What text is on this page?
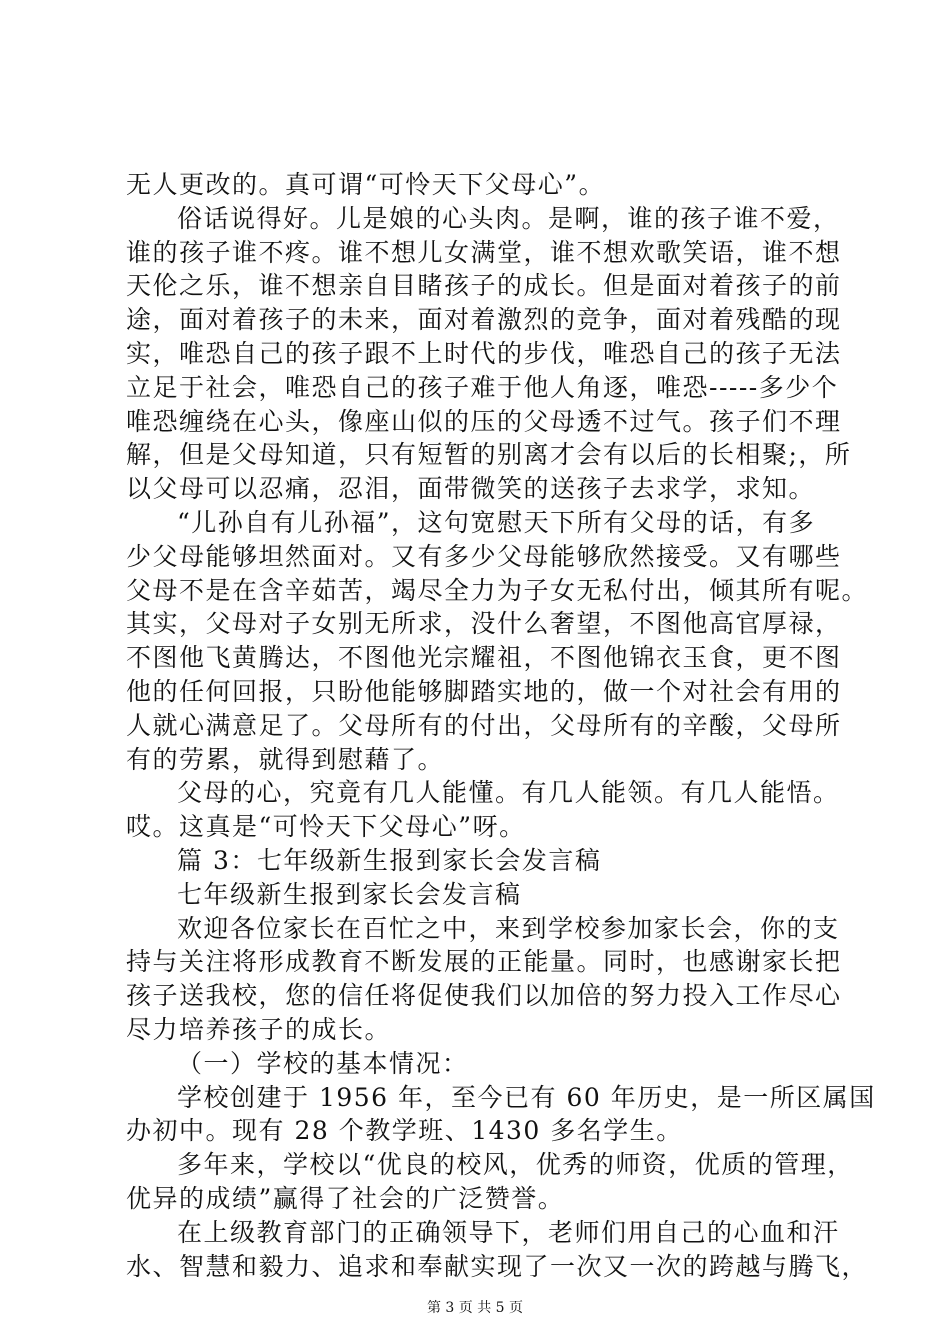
无人更改的。真可谓“可怜天下父母心”。
俗话说得好。儿是娘的心头肉。是啊，谁的孩子谁不爱，
谁的孩子谁不疼。谁不想儿女满堂，谁不想欢歌笑语，谁不想
天伦之乐，谁不想亲自目睹孩子的成长。但是面对着孩子的前
途，面对着孩子的未来，面对着激烈的竞争，面对着残酷的现
实，唯恐自己的孩子跟不上时代的步伐，唯恐自己的孩子无法
立足于社会，唯恐自己的孩子难于他人角逐，唯恐-----多少个
唯恐缠绕在心头，像座山似的压的父母透不过气。孩子们不理
解，但是父母知道，只有短暂的别离才会有以后的长相聚;，所
以父母可以忍痛，忍泪，面带微笑的送孩子去求学，求知。
“儿孙自有儿孙福”，这句宽慰天下所有父母的话，有多
少父母能够坦然面对。又有多少父母能够欣然接受。又有哪些
父母不是在含辛茹苦，竭尽全力为子女无私付出，倾其所有呢。
其实，父母对子女别无所求，没什么奢望，不图他高官厚禄，
不图他飞黄腾达，不图他光宗耀祖，不图他锦衣玉食，更不图
他的任何回报，只盼他能够脚踏实地的，做一个对社会有用的
人就心满意足了。父母所有的付出，父母所有的辛酸，父母所
有的劳累，就得到慰藉了。
父母的心，究竟有几人能懂。有几人能领。有几人能悟。
哎。这真是“可怜天下父母心”呀。
篇 3：七年级新生报到家长会发言稿
七年级新生报到家长会发言稿
欢迎各位家长在百忙之中，来到学校参加家长会，你的支
持与关注将形成教育不断发展的正能量。同时，也感谢家长把
孩子送我校，您的信任将促使我们以加倍的努力投入工作尽心
尽力培养孩子的成长。
（一）学校的基本情况：
学校创建于 1956 年，至今已有 60 年历史，是一所区属国
办初中。现有 28 个教学班、1430 多名学生。
多年来，学校以“优良的校风，优秀的师资，优质的管理，
优异的成绩”赢得了社会的广泛赞誉。
在上级教育部门的正确领导下，老师们用自己的心血和汗
水、智慧和毅力、追求和奉献实现了一次又一次的跨越与腾飞，
第 3 页 共 5 页
